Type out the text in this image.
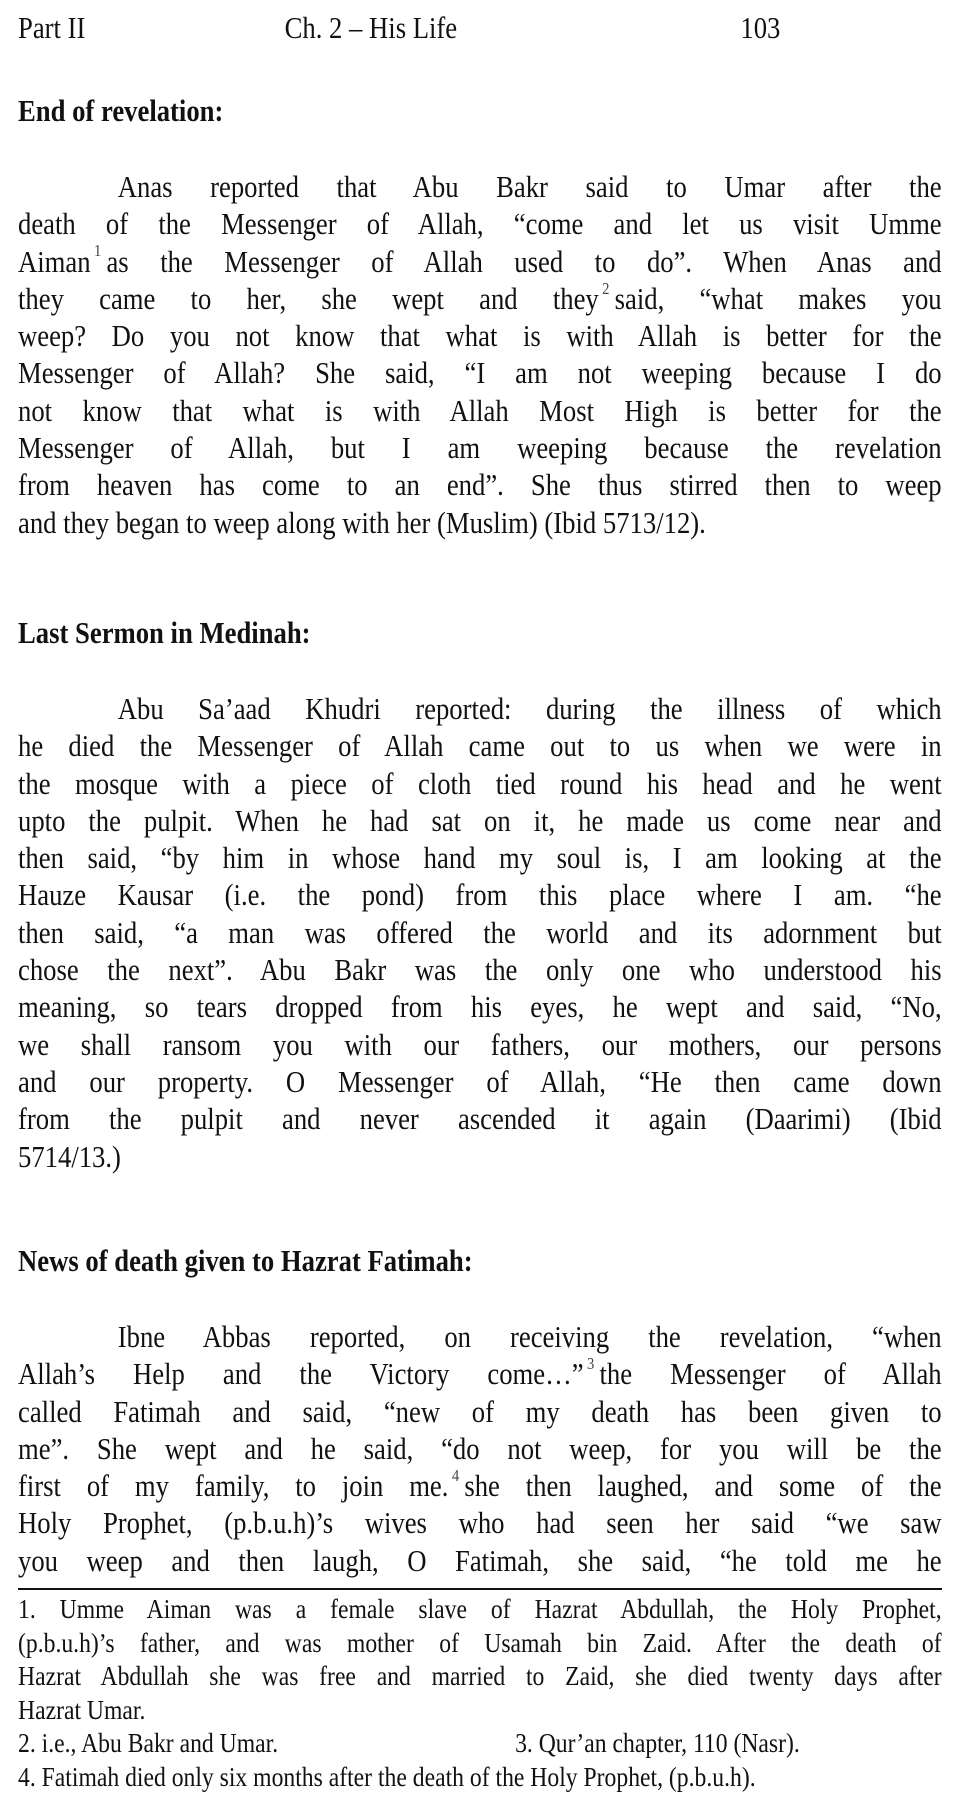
Part II	Ch. 2 – His Life	103
End of revelation:
Anas reported that Abu Bakr said to Umar after the
death of the Messenger of Allah, “come and let us visit Umme
Aiman $^1$ as the Messenger of Allah used to do”. When Anas and
they came to her, she wept and they $^2$ said, “what makes you
weep? Do you not know that what is with Allah is better for the
Messenger of Allah? She said, “I am not weeping because I do
not know that what is with Allah Most High is better for the
Messenger of Allah, but I am weeping because the revelation
from heaven has come to an end”. She thus stirred then to weep
and they began to weep along with her (Muslim) (Ibid 5713/12).
Last Sermon in Medinah:
Abu Sa’aad Khudri reported: during the illness of which
he died the Messenger of Allah came out to us when we were in
the mosque with a piece of cloth tied round his head and he went
upto the pulpit. When he had sat on it, he made us come near and
then said, “by him in whose hand my soul is, I am looking at the
Hauze Kausar (i.e. the pond) from this place where I am. “he
then said, “a man was offered the world and its adornment but
chose the next”. Abu Bakr was the only one who understood his
meaning, so tears dropped from his eyes, he wept and said, “No,
we shall ransom you with our fathers, our mothers, our persons
and our property. O Messenger of Allah, “He then came down
from the pulpit and never ascended it again (Daarimi) (Ibid
5714/13.)
News of death given to Hazrat Fatimah:
Ibne Abbas reported, on receiving the revelation, “when
Allah’s Help and the Victory come…” $^3$ the Messenger of Allah
called Fatimah and said, “new of my death has been given to
me”. She wept and he said, “do not weep, for you will be the
first of my family, to join me. $^4$ she then laughed, and some of the
Holy Prophet, (p.b.u.h)’s wives who had seen her said “we saw
you weep and then laugh, O Fatimah, she said, “he told me he
1. Umme Aiman was a female slave of Hazrat Abdullah, the Holy Prophet,
(p.b.u.h)’s father, and was mother of Usamah bin Zaid. After the death of
Hazrat Abdullah she was free and married to Zaid, she died twenty days after
Hazrat Umar.
2. i.e., Abu Bakr and Umar.	3. Qur’an chapter, 110 (Nasr).
4. Fatimah died only six months after the death of the Holy Prophet, (p.b.u.h).
